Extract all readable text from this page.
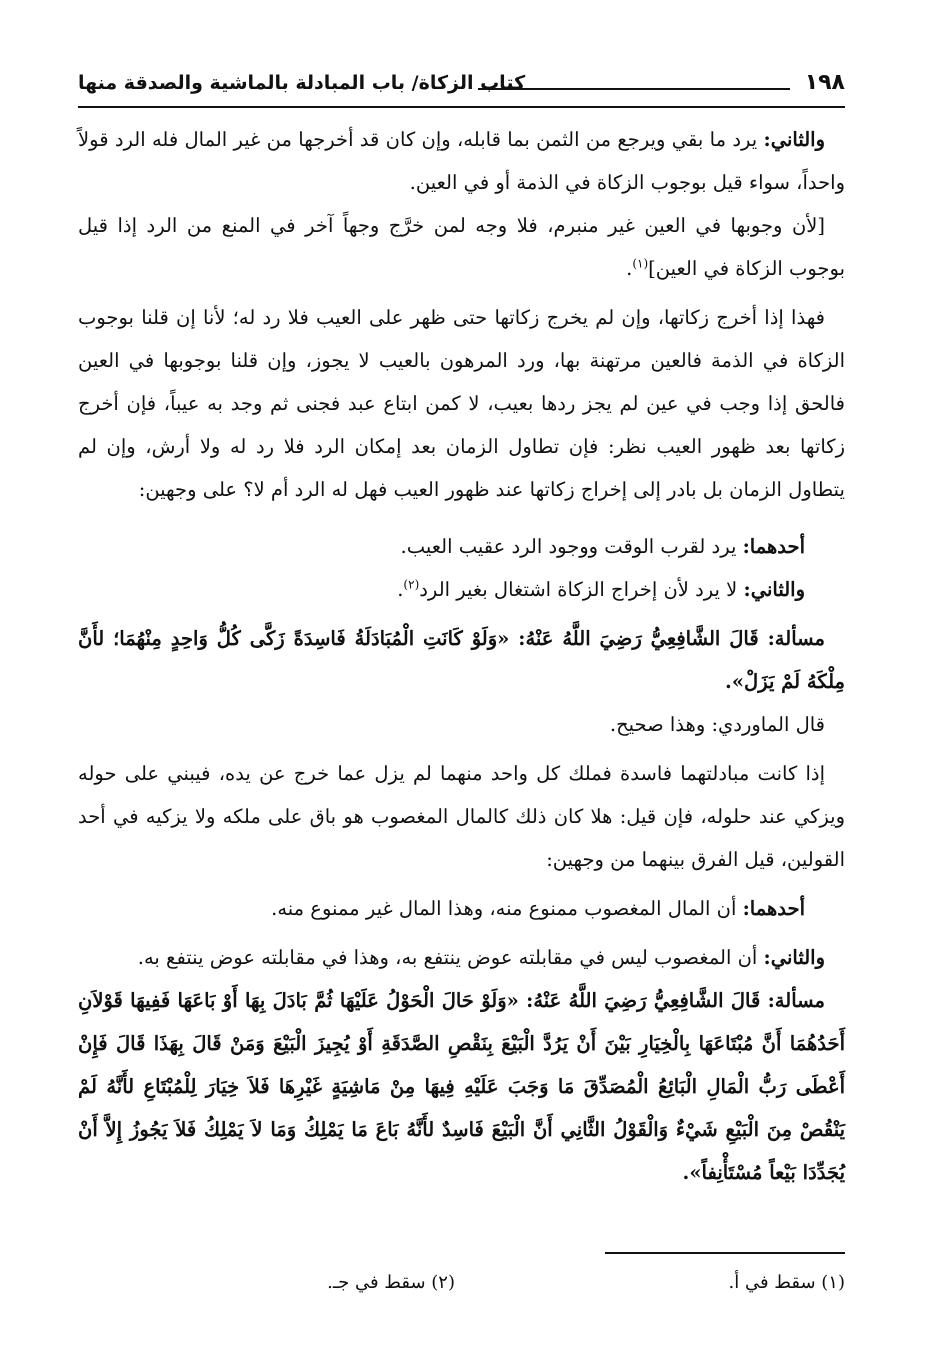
١٩٨
كتاب الزكاة/ باب المبادلة بالماشية والصدقة منها

والثاني: يرد ما بقي ويرجع من الثمن بما قابله، وإن كان قد أخرجها من غير المال فله الرد قولاً واحداً، سواء قيل بوجوب الزكاة في الذمة أو في العين.

[لأن وجوبها في العين غير منبرم، فلا وجه لمن خرَّج وجهاً آخر في المنع من الرد إذا قيل بوجوب الزكاة في العين]$^{(١)}$.

فهذا إذا أخرج زكاتها، وإن لم يخرج زكاتها حتى ظهر على العيب فلا رد له؛ لأنا إن قلنا بوجوب الزكاة في الذمة فالعين مرتهنة بها، ورد المرهون بالعيب لا يجوز، وإن قلنا بوجوبها في العين فالحق إذا وجب في عين لم يجز ردها بعيب، لا كمن ابتاع عبد فجنى ثم وجد به عيباً، فإن أخرج زكاتها بعد ظهور العيب نظر: فإن تطاول الزمان بعد إمكان الرد فلا رد له ولا أرش، وإن لم يتطاول الزمان بل بادر إلى إخراج زكاتها عند ظهور العيب فهل له الرد أم لا؟ على وجهين:

أحدهما: يرد لقرب الوقت ووجود الرد عقيب العيب.

والثاني: لا يرد لأن إخراج الزكاة اشتغال بغير الرد$^{(٢)}$.

مسألة: قَالَ الشَّافِعِيُّ رَضِيَ اللَّهُ عَنْهُ: «وَلَوْ كَانَتِ الْمُبَادَلَةُ فَاسِدَةً زَكَّى كُلُّ وَاحِدٍ مِنْهُمَا؛ لأَنَّ مِلْكَهُ لَمْ يَزَلْ».

قال الماوردي: وهذا صحيح.

إذا كانت مبادلتهما فاسدة فملك كل واحد منهما لم يزل عما خرج عن يده، فيبني على حوله ويزكي عند حلوله، فإن قيل: هلا كان ذلك كالمال المغصوب هو باق على ملكه ولا يزكيه في أحد القولين، قيل الفرق بينهما من وجهين:

أحدهما: أن المال المغصوب ممنوع منه، وهذا المال غير ممنوع منه.

والثاني: أن المغصوب ليس في مقابلته عوض ينتفع به، وهذا في مقابلته عوض ينتفع به.

مسألة: قَالَ الشَّافِعِيُّ رَضِيَ اللَّهُ عَنْهُ: «وَلَوْ حَالَ الْحَوْلُ عَلَيْهَا ثُمَّ بَادَلَ بِهَا أَوْ بَاعَهَا فَفِيهَا قَوْلاَنِ أَحَدُهُمَا أَنَّ مُبْتَاعَهَا بِالْخِيَارِ بَيْنَ أَنْ يَرُدَّ الْبَيْعَ بِنَقْصِ الصَّدَقَةِ أَوْ يُجِيزَ الْبَيْعَ وَمَنْ قَالَ بِهَذَا قَالَ فَإِنْ أَعْطَى رَبُّ الْمَالِ الْبَائِعُ الْمُصَدِّقَ مَا وَجَبَ عَلَيْهِ فِيهَا مِنْ مَاشِيَةٍ غَيْرِهَا فَلاَ خِيَارَ لِلْمُبْتَاعِ لأَنَّهُ لَمْ يَنْقُصْ مِنَ الْبَيْعِ شَيْءٌ وَالْقَوْلُ الثَّانِي أَنَّ الْبَيْعَ فَاسِدٌ لأَنَّهُ بَاعَ مَا يَمْلِكُ وَمَا لاَ يَمْلِكُ فَلاَ يَجُوزُ إِلاَّ أَنْ يُجَدِّدَا بَيْعاً مُسْتَأْنِفاً».

(١) سقط في أ.
(٢) سقط في جـ.
